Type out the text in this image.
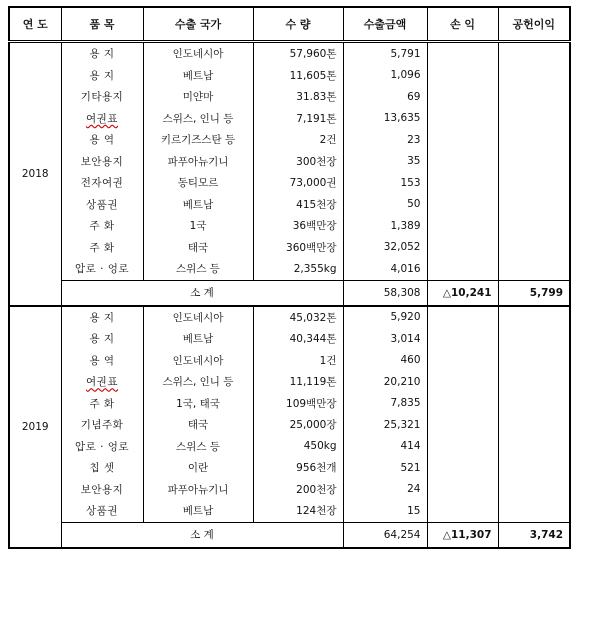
연 도	품 목	수출 국가	수 량	수출금액	손 익	공헌이익
2018	용 지	인도네시아	57,960톤	5,791		
	용 지	베트남	11,605톤	1,096		
	기타용지	미얀마	31.83톤	69		
	여권표	스위스, 인니 등	7,191톤	13,635		
	용 역	키르기즈스탄 등	2건	23		
	보안용지	파푸아뉴기니	300천장	35		
	전자여권	동티모르	73,000권	153		
	상품권	베트남	415천장	50		
	주 화	1국	36백만장	1,389		
	주 화	태국	360백만장	32,052		
	압로 · 엉로	스위스 등	2,355kg	4,016		
	소 계			58,308	△10,241	5,799
2019	용 지	인도네시아	45,032톤	5,920		
	용 지	베트남	40,344톤	3,014		
	용 역	인도네시아	1건	460		
	여권표	스위스, 인니 등	11,119톤	20,210		
	주 화	1국, 태국	109백만장	7,835		
	기념주화	태국	25,000장	25,321		
	압로 · 엉로	스위스 등	450kg	414		
	칩 셋	이란	956천개	521		
	보안용지	파푸아뉴기니	200천장	24		
	상품권	베트남	124천장	15		
	소 계			64,254	△11,307	3,742
